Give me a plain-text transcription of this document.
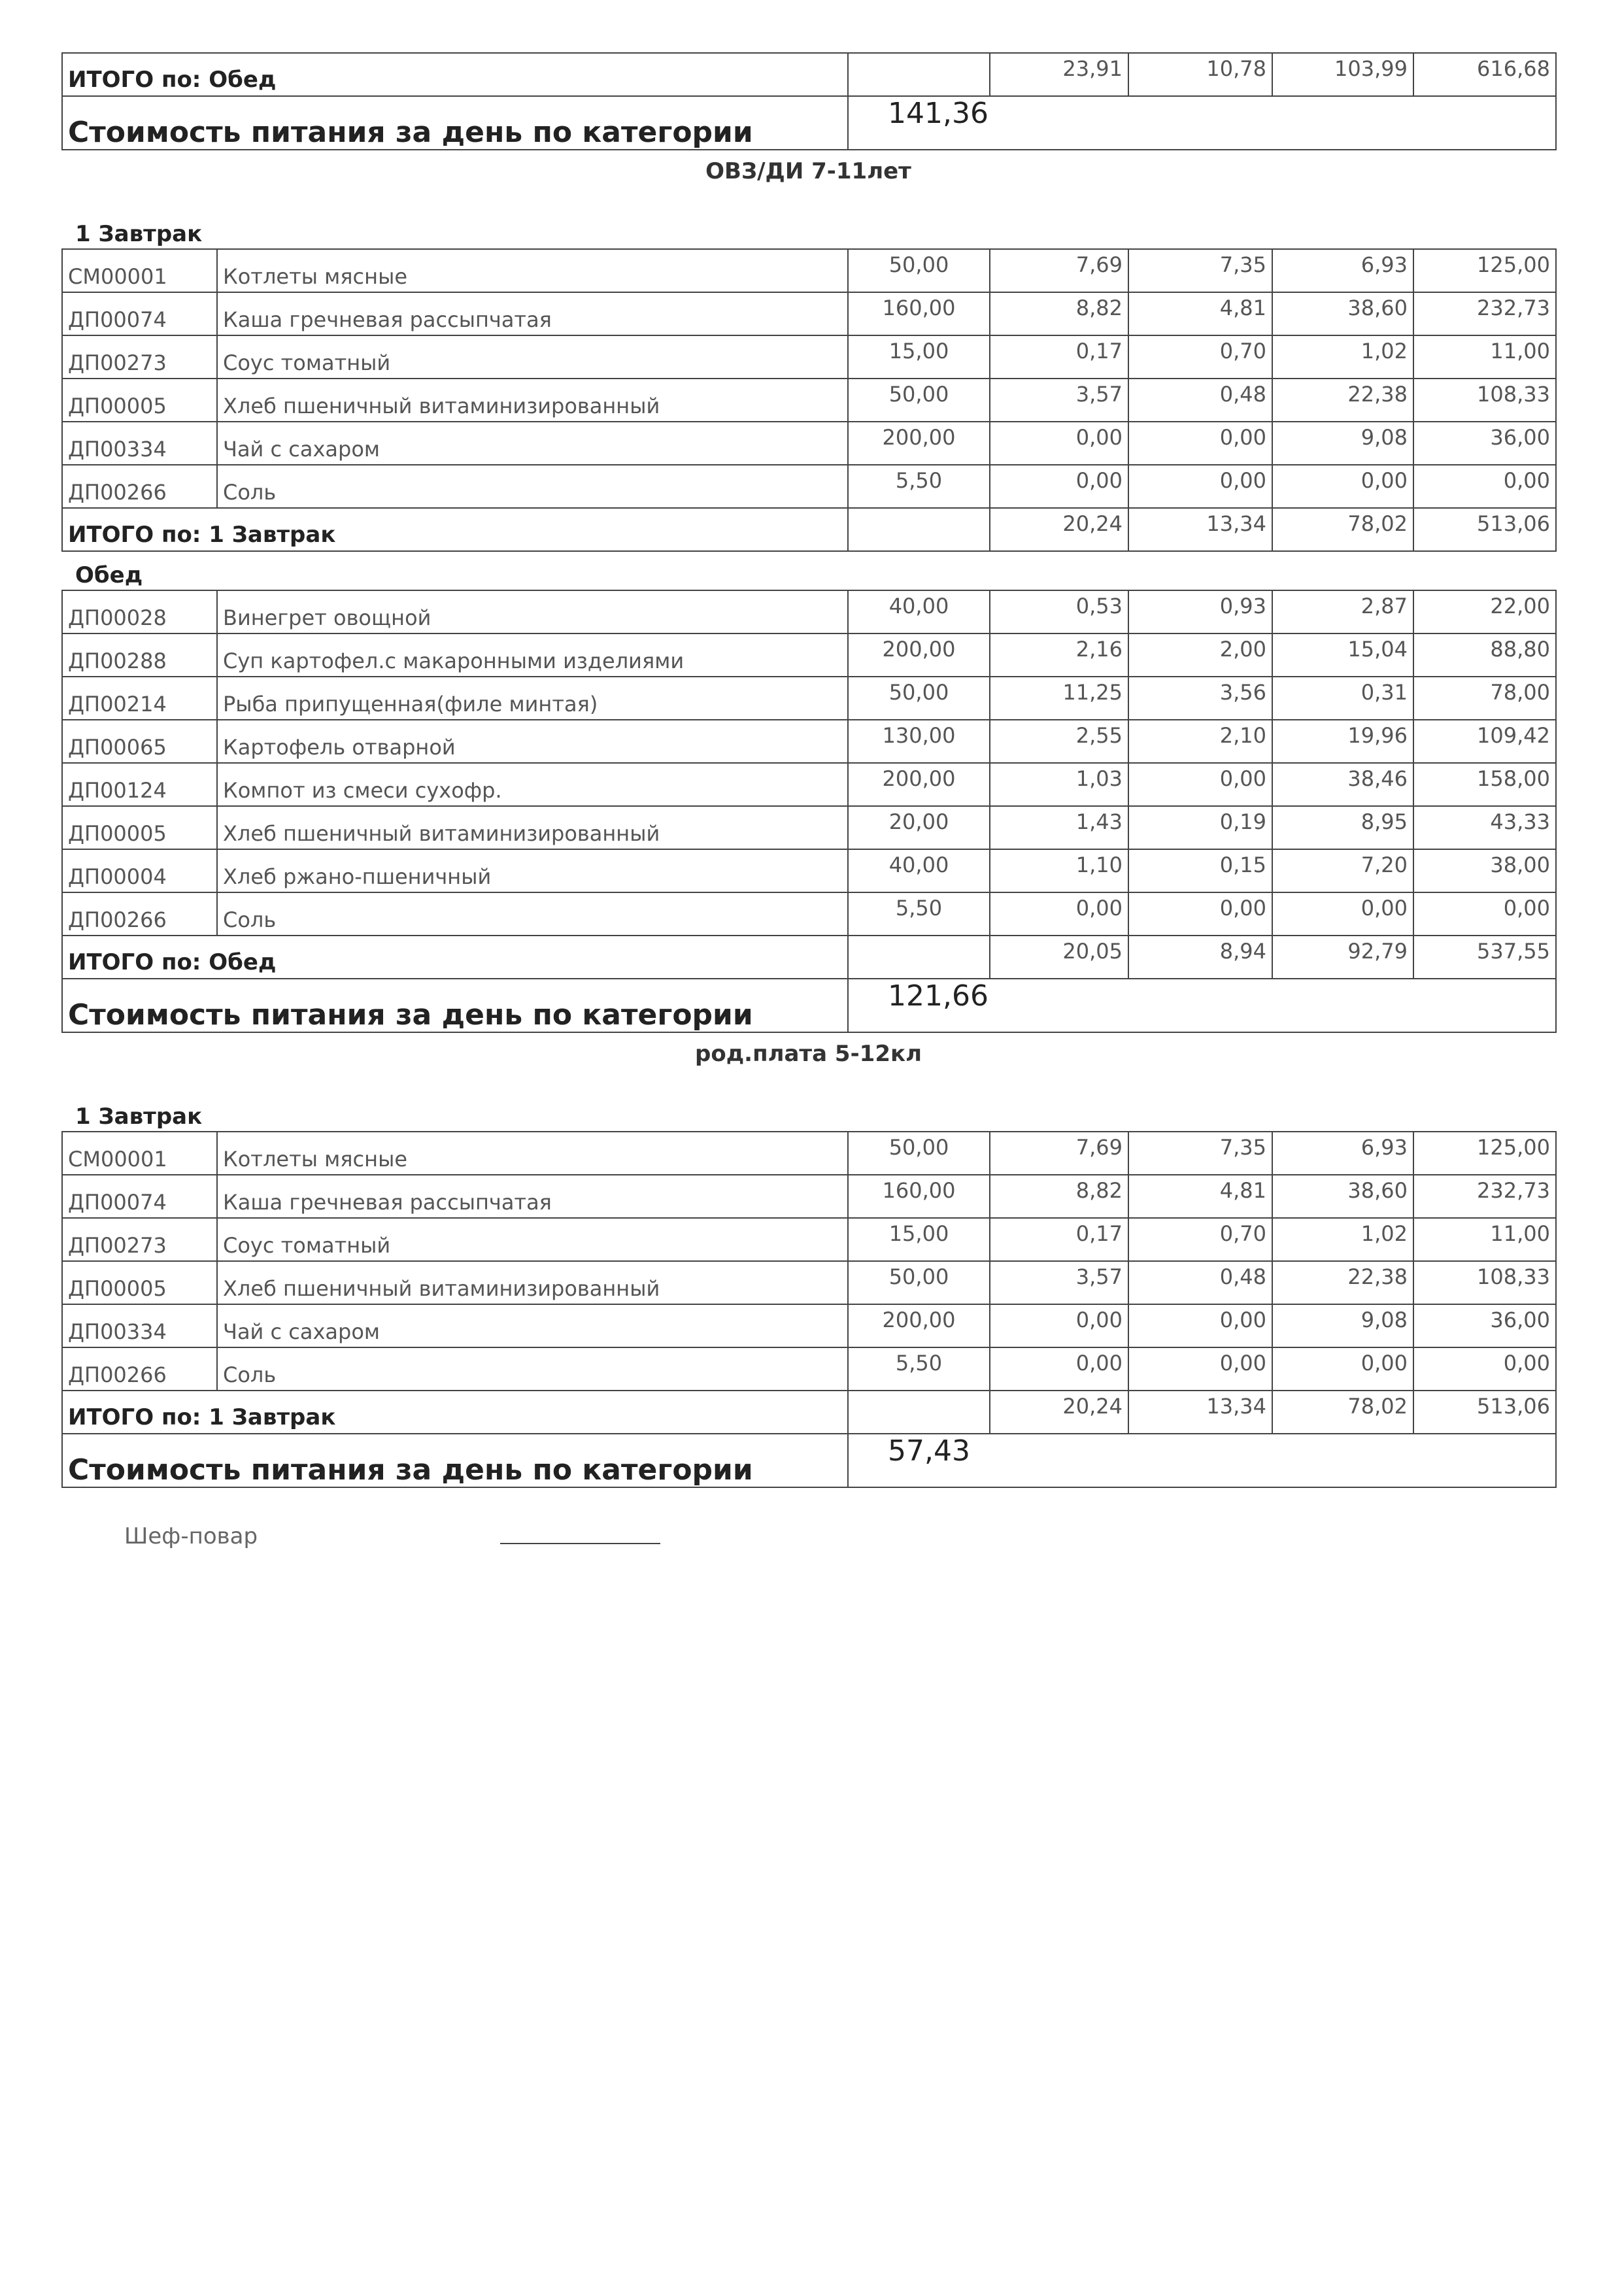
ИТОГО по: Обед		23,91	10,78	103,99	616,68
Стоимость питания за день по категории	141,36				
ОВЗ/ДИ 7-11лет
1 Завтрак						
СМ00001	Котлеты мясные	50,00	7,69	7,35	6,93	125,00
ДП00074	Каша гречневая рассыпчатая	160,00	8,82	4,81	38,60	232,73
ДП00273	Соус томатный	15,00	0,17	0,70	1,02	11,00
ДП00005	Хлеб пшеничный витаминизированный	50,00	3,57	0,48	22,38	108,33
ДП00334	Чай с сахаром	200,00	0,00	0,00	9,08	36,00
ДП00266	Соль	5,50	0,00	0,00	0,00	0,00
ИТОГО по: 1 Завтрак			20,24	13,34	78,02	513,06
Обед						
ДП00028	Винегрет овощной	40,00	0,53	0,93	2,87	22,00
ДП00288	Суп картофел.с макаронными изделиями	200,00	2,16	2,00	15,04	88,80
ДП00214	Рыба припущенная(филе минтая)	50,00	11,25	3,56	0,31	78,00
ДП00065	Картофель отварной	130,00	2,55	2,10	19,96	109,42
ДП00124	Компот из смеси сухофр.	200,00	1,03	0,00	38,46	158,00
ДП00005	Хлеб пшеничный витаминизированный	20,00	1,43	0,19	8,95	43,33
ДП00004	Хлеб ржано-пшеничный	40,00	1,10	0,15	7,20	38,00
ДП00266	Соль	5,50	0,00	0,00	0,00	0,00
ИТОГО по: Обед			20,05	8,94	92,79	537,55
Стоимость питания за день по категории		121,66				
род.плата 5-12кл
1 Завтрак						
СМ00001	Котлеты мясные	50,00	7,69	7,35	6,93	125,00
ДП00074	Каша гречневая рассыпчатая	160,00	8,82	4,81	38,60	232,73
ДП00273	Соус томатный	15,00	0,17	0,70	1,02	11,00
ДП00005	Хлеб пшеничный витаминизированный	50,00	3,57	0,48	22,38	108,33
ДП00334	Чай с сахаром	200,00	0,00	0,00	9,08	36,00
ДП00266	Соль	5,50	0,00	0,00	0,00	0,00
ИТОГО по: 1 Завтрак			20,24	13,34	78,02	513,06
Стоимость питания за день по категории		57,43				
Шеф-повар
